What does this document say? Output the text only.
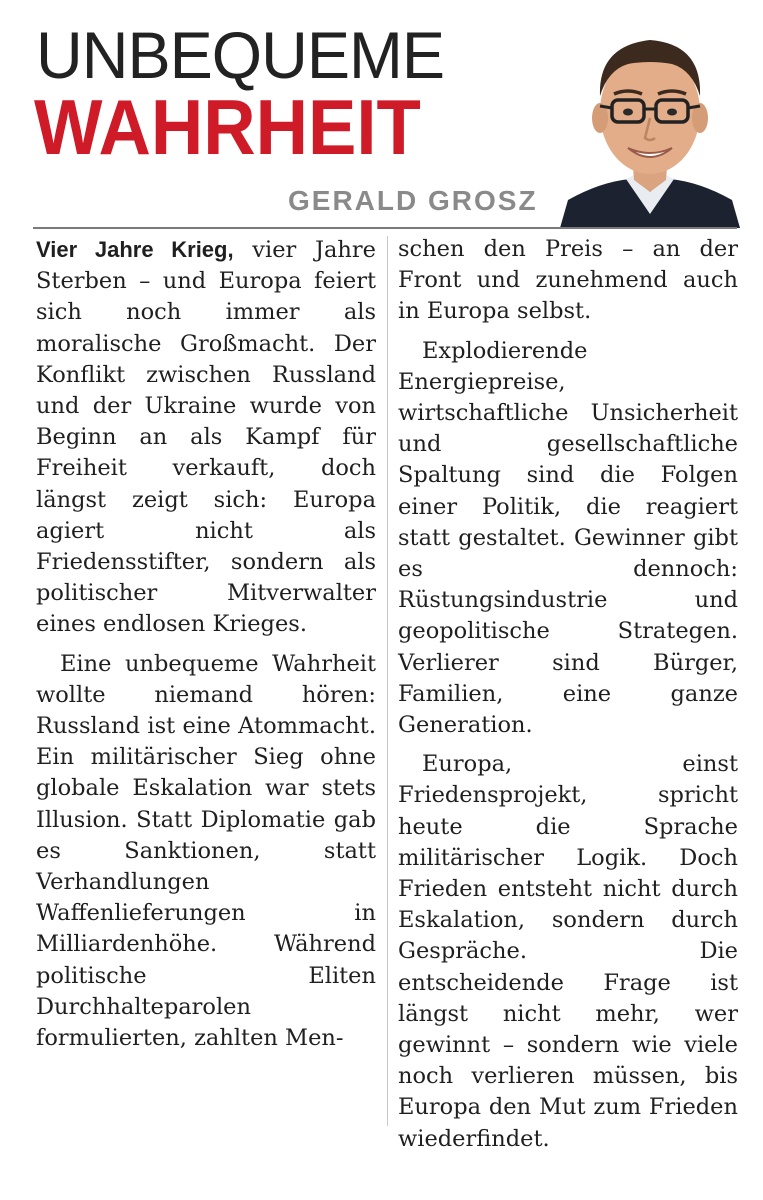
UNBEQUEME
WAHRHEIT
GERALD GROSZ

Vier Jahre Krieg, vier Jahre Sterben – und Europa feiert sich noch immer als moralische Großmacht. Der Konflikt zwischen Russland und der Ukraine wurde von Beginn an als Kampf für Freiheit verkauft, doch längst zeigt sich: Europa agiert nicht als Friedensstifter, sondern als politischer Mitverwalter eines endlosen Krieges.

Eine unbequeme Wahrheit wollte niemand hören: Russland ist eine Atommacht. Ein militärischer Sieg ohne globale Eskalation war stets Illusion. Statt Diplomatie gab es Sanktionen, statt Verhandlungen Waffenlieferungen in Milliardenhöhe. Während politische Eliten Durchhalteparolen formulierten, zahlten Men-

schen den Preis – an der Front und zunehmend auch in Europa selbst.

Explodierende Energiepreise, wirtschaftliche Unsicherheit und gesellschaftliche Spaltung sind die Folgen einer Politik, die reagiert statt gestaltet. Gewinner gibt es dennoch: Rüstungsindustrie und geopolitische Strategen. Verlierer sind Bürger, Familien, eine ganze Generation.

Europa, einst Friedensprojekt, spricht heute die Sprache militärischer Logik. Doch Frieden entsteht nicht durch Eskalation, sondern durch Gespräche. Die entscheidende Frage ist längst nicht mehr, wer gewinnt – sondern wie viele noch verlieren müssen, bis Europa den Mut zum Frieden wiederfindet.
